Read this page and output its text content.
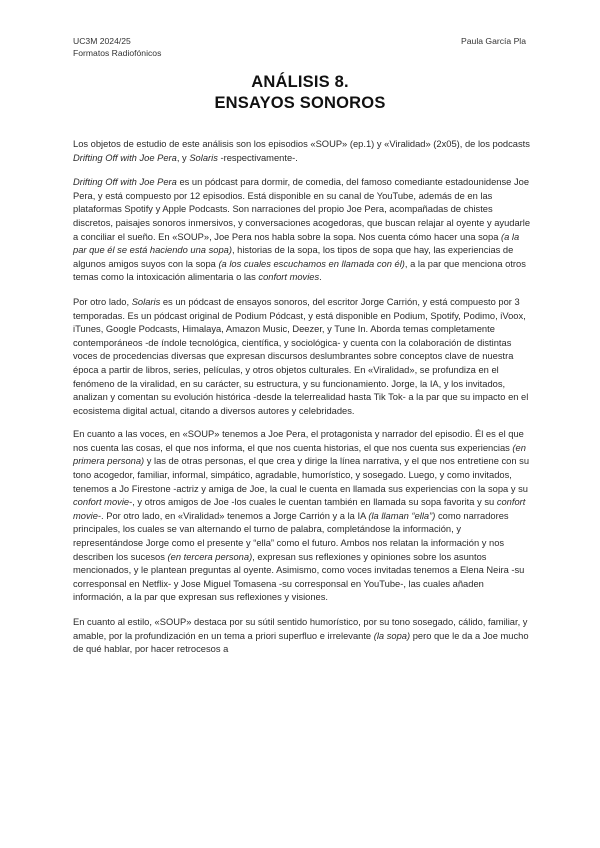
UC3M 2024/25
Formatos Radiofónicos
Paula García Pla
ANÁLISIS 8.
ENSAYOS SONOROS

Los objetos de estudio de este análisis son los episodios «SOUP» (ep.1) y «Viralidad» (2x05), de los podcasts Drifting Off with Joe Pera, y Solaris -respectivamente-.

Drifting Off with Joe Pera es un pódcast para dormir, de comedia, del famoso comediante estadounidense Joe Pera, y está compuesto por 12 episodios. Está disponible en su canal de YouTube, además de en las plataformas Spotify y Apple Podcasts. Son narraciones del propio Joe Pera, acompañadas de chistes discretos, paisajes sonoros inmersivos, y conversaciones acogedoras, que buscan relajar al oyente y ayudarle a conciliar el sueño. En «SOUP», Joe Pera nos habla sobre la sopa. Nos cuenta cómo hacer una sopa (a la par que él se está haciendo una sopa), historias de la sopa, los tipos de sopa que hay, las experiencias de algunos amigos suyos con la sopa (a los cuales escuchamos en llamada con él), a la par que menciona otros temas como la intoxicación alimentaria o las confort movies.

Por otro lado, Solaris es un pódcast de ensayos sonoros, del escritor Jorge Carrión, y está compuesto por 3 temporadas. Es un pódcast original de Podium Pódcast, y está disponible en Podium, Spotify, Podimo, iVoox, iTunes, Google Podcasts, Himalaya, Amazon Music, Deezer, y Tune In. Aborda temas completamente contemporáneos -de índole tecnológica, científica, y sociológica- y cuenta con la colaboración de distintas voces de procedencias diversas que expresan discursos deslumbrantes sobre conceptos clave de nuestra época a partir de libros, series, películas, y otros objetos culturales. En «Viralidad», se profundiza en el fenómeno de la viralidad, en su carácter, su estructura, y su funcionamiento. Jorge, la IA, y los invitados, analizan y comentan su evolución histórica -desde la telerrealidad hasta Tik Tok- a la par que su impacto en el ecosistema digital actual, citando a diversos autores y celebridades.

En cuanto a las voces, en «SOUP» tenemos a Joe Pera, el protagonista y narrador del episodio. Él es el que nos cuenta las cosas, el que nos informa, el que nos cuenta historias, el que nos cuenta sus experiencias (en primera persona) y las de otras personas, el que crea y dirige la línea narrativa, y el que nos entretiene con su tono acogedor, familiar, informal, simpático, agradable, humorístico, y sosegado. Luego, y como invitados, tenemos a Jo Firestone -actriz y amiga de Joe, la cual le cuenta en llamada sus experiencias con la sopa y su confort movie-, y otros amigos de Joe -los cuales le cuentan también en llamada su sopa favorita y su confort movie-. Por otro lado, en «Viralidad» tenemos a Jorge Carrión y a la IA (la llaman “ella”) como narradores principales, los cuales se van alternando el turno de palabra, completándose la información, y representándose Jorge como el presente y “ella” como el futuro. Ambos nos relatan la información y nos describen los sucesos (en tercera persona), expresan sus reflexiones y opiniones sobre los asuntos mencionados, y le plantean preguntas al oyente. Asimismo, como voces invitadas tenemos a Elena Neira -su corresponsal en Netflix- y Jose Miguel Tomasena -su corresponsal en YouTube-, las cuales añaden información, a la par que expresan sus reflexiones y visiones.

En cuanto al estilo, «SOUP» destaca por su sútil sentido humorístico, por su tono sosegado, cálido, familiar, y amable, por la profundización en un tema a priori superfluo e irrelevante (la sopa) pero que le da a Joe mucho de qué hablar, por hacer retrocesos a
